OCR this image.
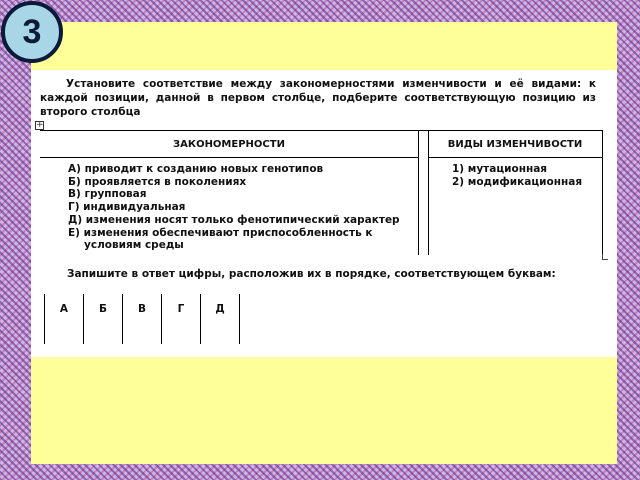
3
Установите соответствие между закономерностями изменчивости и её видами: к каждой позиции, данной в первом столбце, подберите соответствующую позицию из второго столбца
+
ЗАКОНОМЕРНОСТИ	ВИДЫ ИЗМЕНЧИВОСТИ
А) приводит к созданию новых генотипов
Б) проявляется в поколениях
В) групповая
Г) индивидуальная
Д) изменения носят только фенотипический характер
Е) изменения обеспечивают приспособленность к условиям среды
1) мутационная
2) модификационная
Запишите в ответ цифры, расположив их в порядке, соответствующем буквам:
А	Б	В	Г	Д
